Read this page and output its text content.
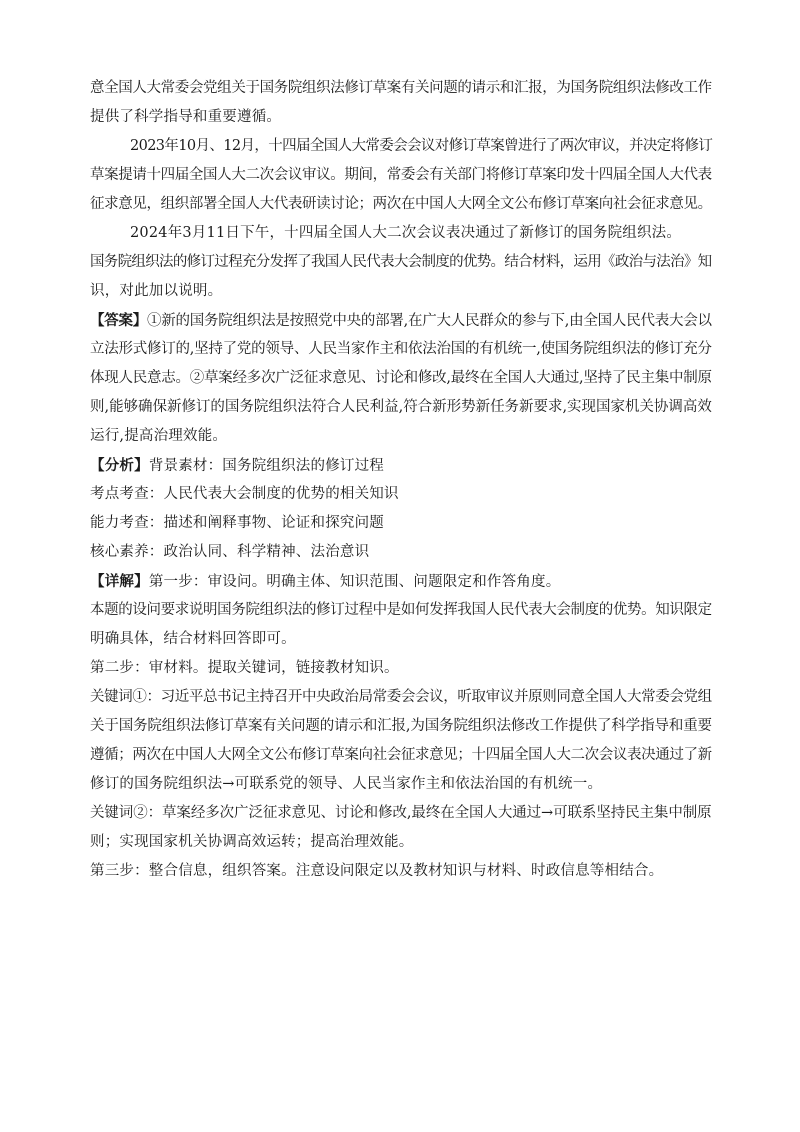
意全国人大常委会党组关于国务院组织法修订草案有关问题的请示和汇报，为国务院组织法修改工作
提供了科学指导和重要遵循。
2023年10月、12月，十四届全国人大常委会会议对修订草案曾进行了两次审议，并决定将修订
草案提请十四届全国人大二次会议审议。期间，常委会有关部门将修订草案印发十四届全国人大代表
征求意见，组织部署全国人大代表研读讨论；两次在中国人大网全文公布修订草案向社会征求意见。
2024年3月11日下午，十四届全国人大二次会议表决通过了新修订的国务院组织法。
国务院组织法的修订过程充分发挥了我国人民代表大会制度的优势。结合材料，运用《政治与法治》知
识，对此加以说明。
【答案】①新的国务院组织法是按照党中央的部署,在广大人民群众的参与下,由全国人民代表大会以
立法形式修订的,坚持了党的领导、人民当家作主和依法治国的有机统一,使国务院组织法的修订充分
体现人民意志。②草案经多次广泛征求意见、讨论和修改,最终在全国人大通过,坚持了民主集中制原
则,能够确保新修订的国务院组织法符合人民利益,符合新形势新任务新要求,实现国家机关协调高效
运行,提高治理效能。
【分析】背景素材：国务院组织法的修订过程
考点考查：人民代表大会制度的优势的相关知识
能力考查：描述和阐释事物、论证和探究问题
核心素养：政治认同、科学精神、法治意识
【详解】第一步：审设问。明确主体、知识范围、问题限定和作答角度。
本题的设问要求说明国务院组织法的修订过程中是如何发挥我国人民代表大会制度的优势。知识限定
明确具体，结合材料回答即可。
第二步：审材料。提取关键词，链接教材知识。
关键词①：习近平总书记主持召开中央政治局常委会会议，听取审议并原则同意全国人大常委会党组
关于国务院组织法修订草案有关问题的请示和汇报,为国务院组织法修改工作提供了科学指导和重要
遵循；两次在中国人大网全文公布修订草案向社会征求意见；十四届全国人大二次会议表决通过了新
修订的国务院组织法→可联系党的领导、人民当家作主和依法治国的有机统一。
关键词②：草案经多次广泛征求意见、讨论和修改,最终在全国人大通过→可联系坚持民主集中制原
则；实现国家机关协调高效运转；提高治理效能。
第三步：整合信息，组织答案。注意设问限定以及教材知识与材料、时政信息等相结合。
